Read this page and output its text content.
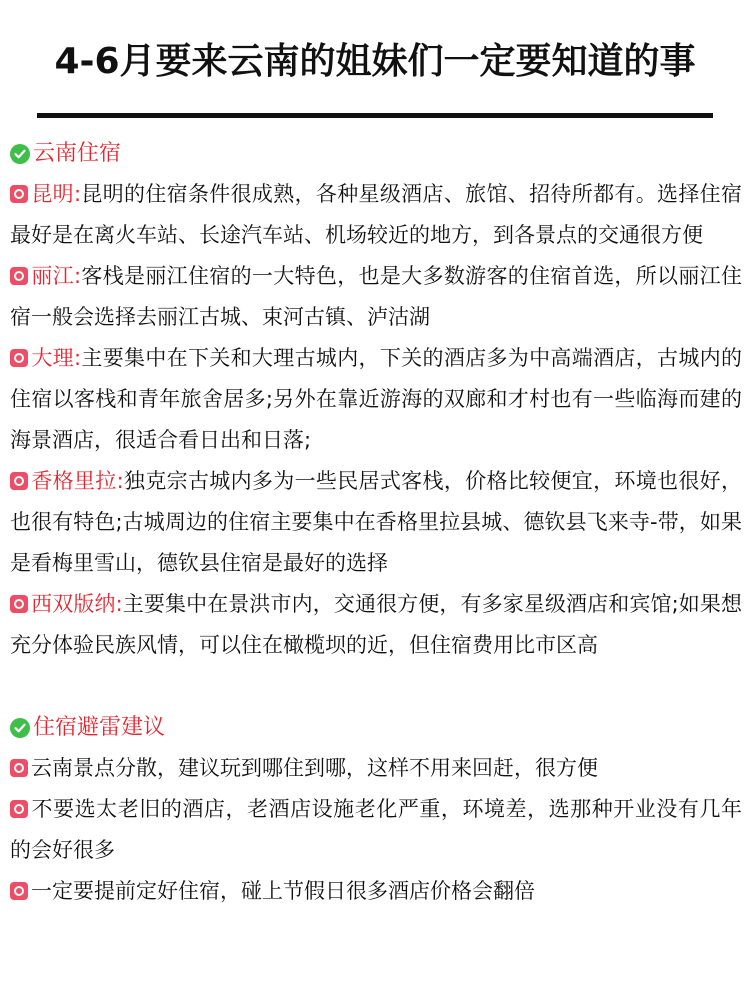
4-6月要来云南的姐妹们一定要知道的事
云南住宿
昆明:昆明的住宿条件很成熟，各种星级酒店、旅馆、招待所都有。选择住宿最好是在离火车站、长途汽车站、机场较近的地方，到各景点的交通很方便
丽江:客栈是丽江住宿的一大特色，也是大多数游客的住宿首选，所以丽江住宿一般会选择去丽江古城、束河古镇、泸沽湖
大理:主要集中在下关和大理古城内，下关的酒店多为中高端酒店，古城内的住宿以客栈和青年旅舍居多;另外在靠近游海的双廊和才村也有一些临海而建的海景酒店，很适合看日出和日落;
香格里拉:独克宗古城内多为一些民居式客栈，价格比较便宜，环境也很好，也很有特色;古城周边的住宿主要集中在香格里拉县城、德钦县飞来寺-带，如果是看梅里雪山，德钦县住宿是最好的选择
西双版纳:主要集中在景洪市内，交通很方便，有多家星级酒店和宾馆;如果想充分体验民族风情，可以住在橄榄坝的近，但住宿费用比市区高
住宿避雷建议
云南景点分散，建议玩到哪住到哪，这样不用来回赶，很方便
不要选太老旧的酒店，老酒店设施老化严重，环境差，选那种开业没有几年的会好很多
一定要提前定好住宿，碰上节假日很多酒店价格会翻倍
